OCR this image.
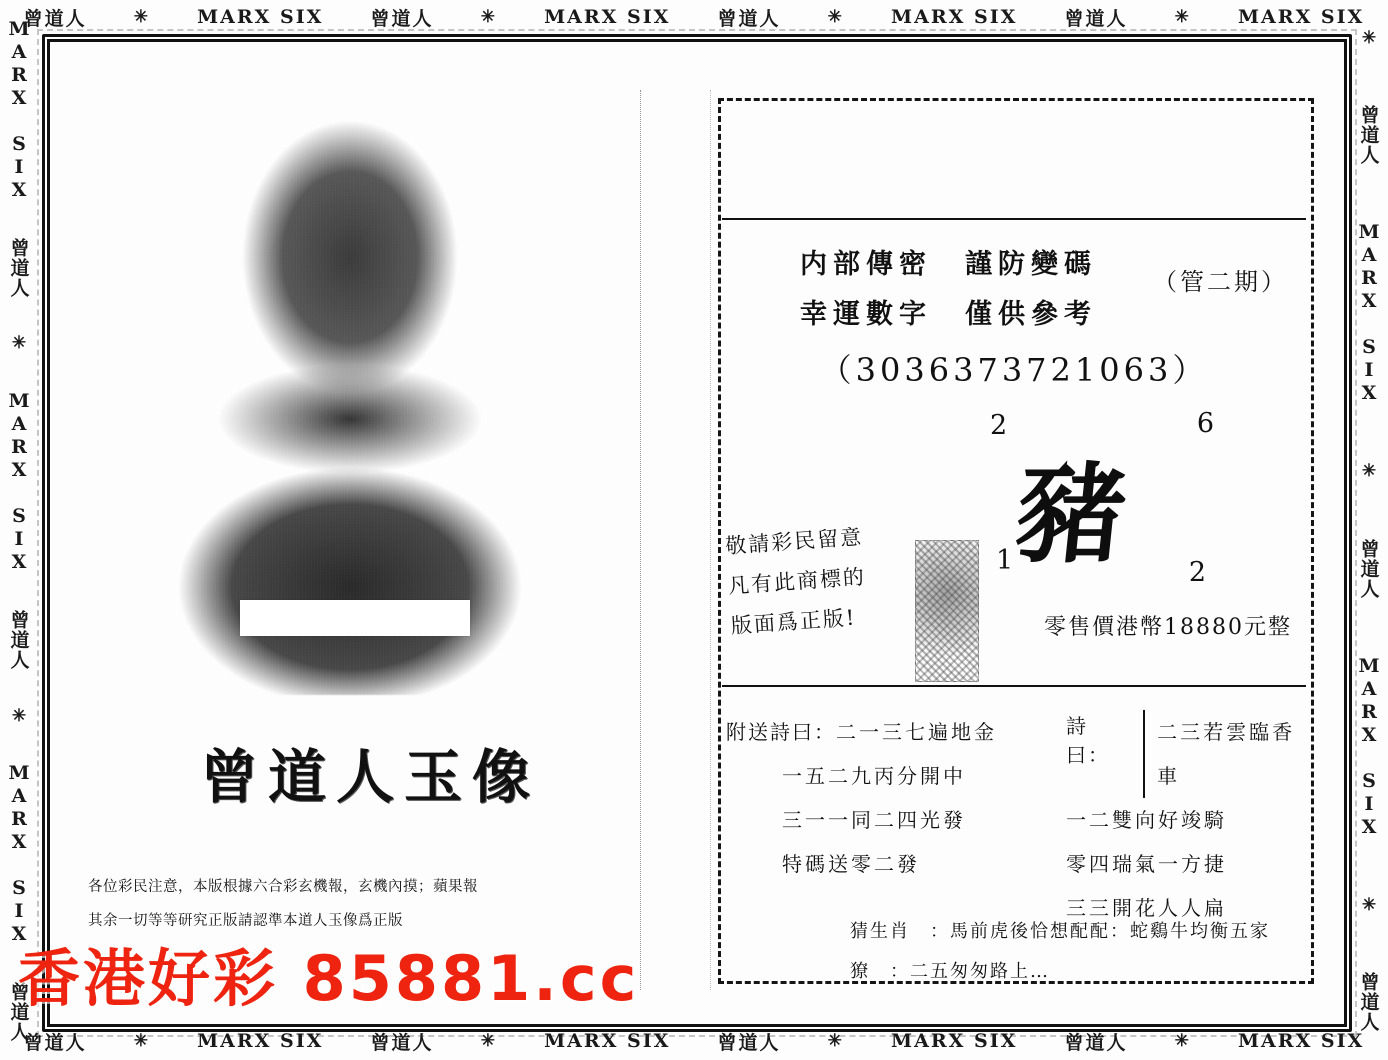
曾道人	✳ MARX SIX 曾道人	✳ MARX SIX 曾道人	✳ MARX SIX 曾道人	✳ MARX SIX
曾道人	✳ MARX SIX 曾道人	✳ MARX SIX 曾道人	✳ MARX SIX 曾道人	✳ MARX SIX
MARX SIX
曾道人
✳
MARX SIX
曾道人
✳
MARX SIX
曾道人
✳
曾道人
MARX SIX
✳
曾道人
MARX SIX
✳
曾道人
曾道人玉像
各位彩民注意，本版根據六合彩玄機報，玄機內摸；蘋果報
其余一切等等研究正版請認準本道人玉像爲正版
内部傳密　謹防變碼
幸運數字　僅供參考
（管二期）
（3036373721063）
豬
2	6
1	2
敬請彩民留意
凡有此商標的
版面爲正版!	零售價港幣18880元整
附送詩曰：二一三七遍地金
一五二九丙分開中
三一一同二四光發
特碼送零二發
詩曰：
二三若雲臨香車
一二雙向好竣騎
零四瑞氣一方捷
三三開花人人扁
猜生肖　：馬前虎後恰想配配：蛇鷄牛均衡五家
獠　：二五匆匆路上…
香港好彩 85881.cc
